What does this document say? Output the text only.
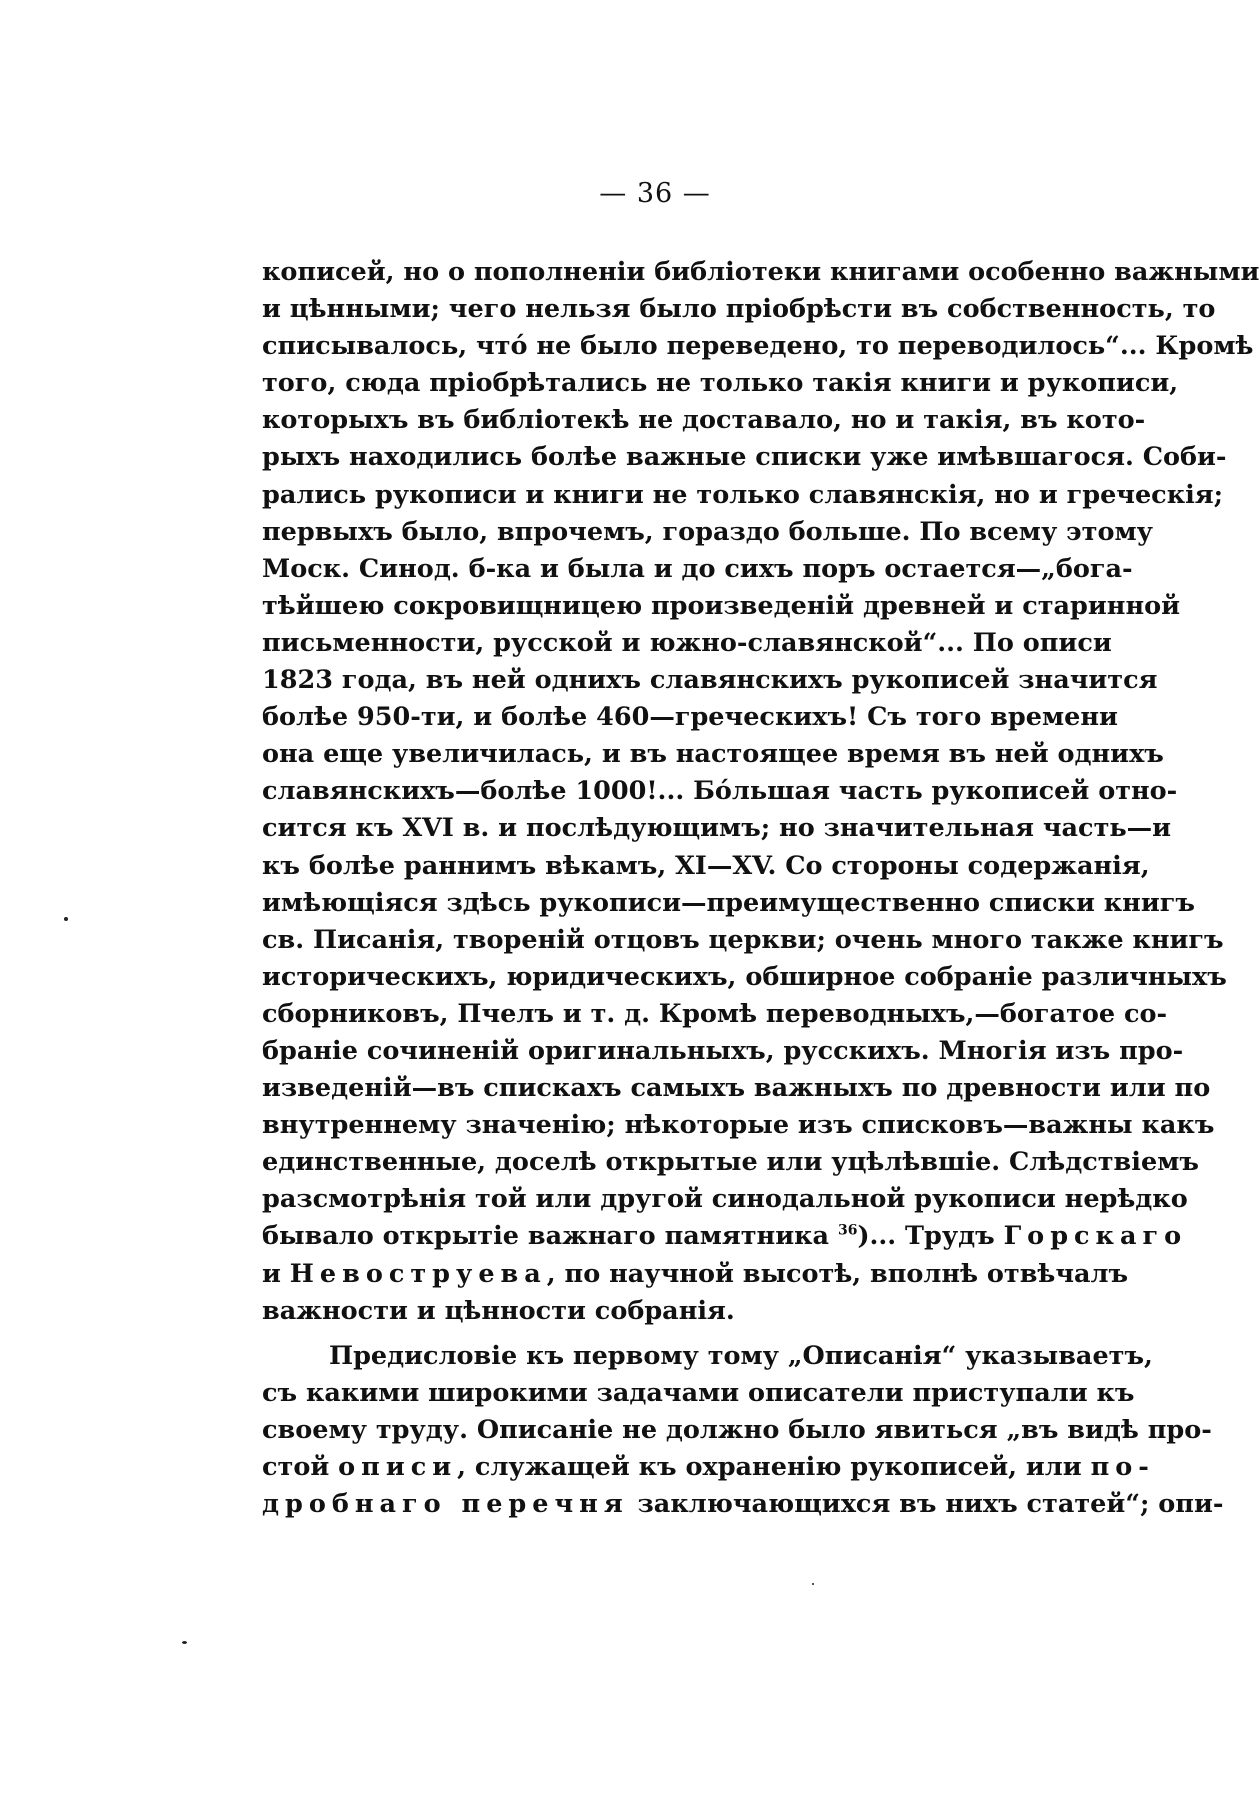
— 36 —
кописей, но о пополненіи библіотеки книгами особенно важными
и цѣнными; чего нельзя было пріобрѣсти въ собственность, то
списывалось, чтó не было переведено, то переводилось“... Кромѣ
того, сюда пріобрѣтались не только такія книги и рукописи,
которыхъ въ библіотекѣ не доставало, но и такія, въ кото-
рыхъ находились болѣе важные списки уже имѣвшагося. Соби-
рались рукописи и книги не только славянскія, но и греческія;
первыхъ было, впрочемъ, гораздо больше. По всему этому
Моск. Синод. б-ка и была и до сихъ поръ остается—„бога-
тѣйшею сокровищницею произведеній древней и старинной
письменности, русской и южно-славянской“... По описи
1823 года, въ ней однихъ славянскихъ рукописей значится
болѣе 950-ти, и болѣе 460—греческихъ! Съ того времени
она еще увеличилась, и въ настоящее время въ ней однихъ
славянскихъ—болѣе 1000!... Бóльшая часть рукописей отно-
сится къ XVI в. и послѣдующимъ; но значительная часть—и
къ болѣе раннимъ вѣкамъ, XI—XV. Со стороны содержанія,
имѣющіяся здѣсь рукописи—преимущественно списки книгъ
св. Писанія, твореній отцовъ церкви; очень много также книгъ
историческихъ, юридическихъ, обширное собраніе различныхъ
сборниковъ, Пчелъ и т. д. Кромѣ переводныхъ,—богатое со-
браніе сочиненій оригинальныхъ, русскихъ. Многія изъ про-
изведеній—въ спискахъ самыхъ важныхъ по древности или по
внутреннему значенію; нѣкоторые изъ списковъ—важны какъ
единственные, доселѣ открытые или уцѣлѣвшіе. Слѣдствіемъ
разсмотрѣнія той или другой синодальной рукописи нерѣдко
бывало открытіе важнаго памятника $^{36}$)... Трудъ Горскаго
и Невоструева, по научной высотѣ, вполнѣ отвѣчалъ
важности и цѣнности собранія.
Предисловіе къ первому тому „Описанія“ указываетъ,
съ какими широкими задачами описатели приступали къ
своему труду. Описаніе не должно было явиться „въ видѣ про-
стой описи, служащей къ охраненію рукописей, или по-
дробнаго перечня заключающихся въ нихъ статей“; опи-
